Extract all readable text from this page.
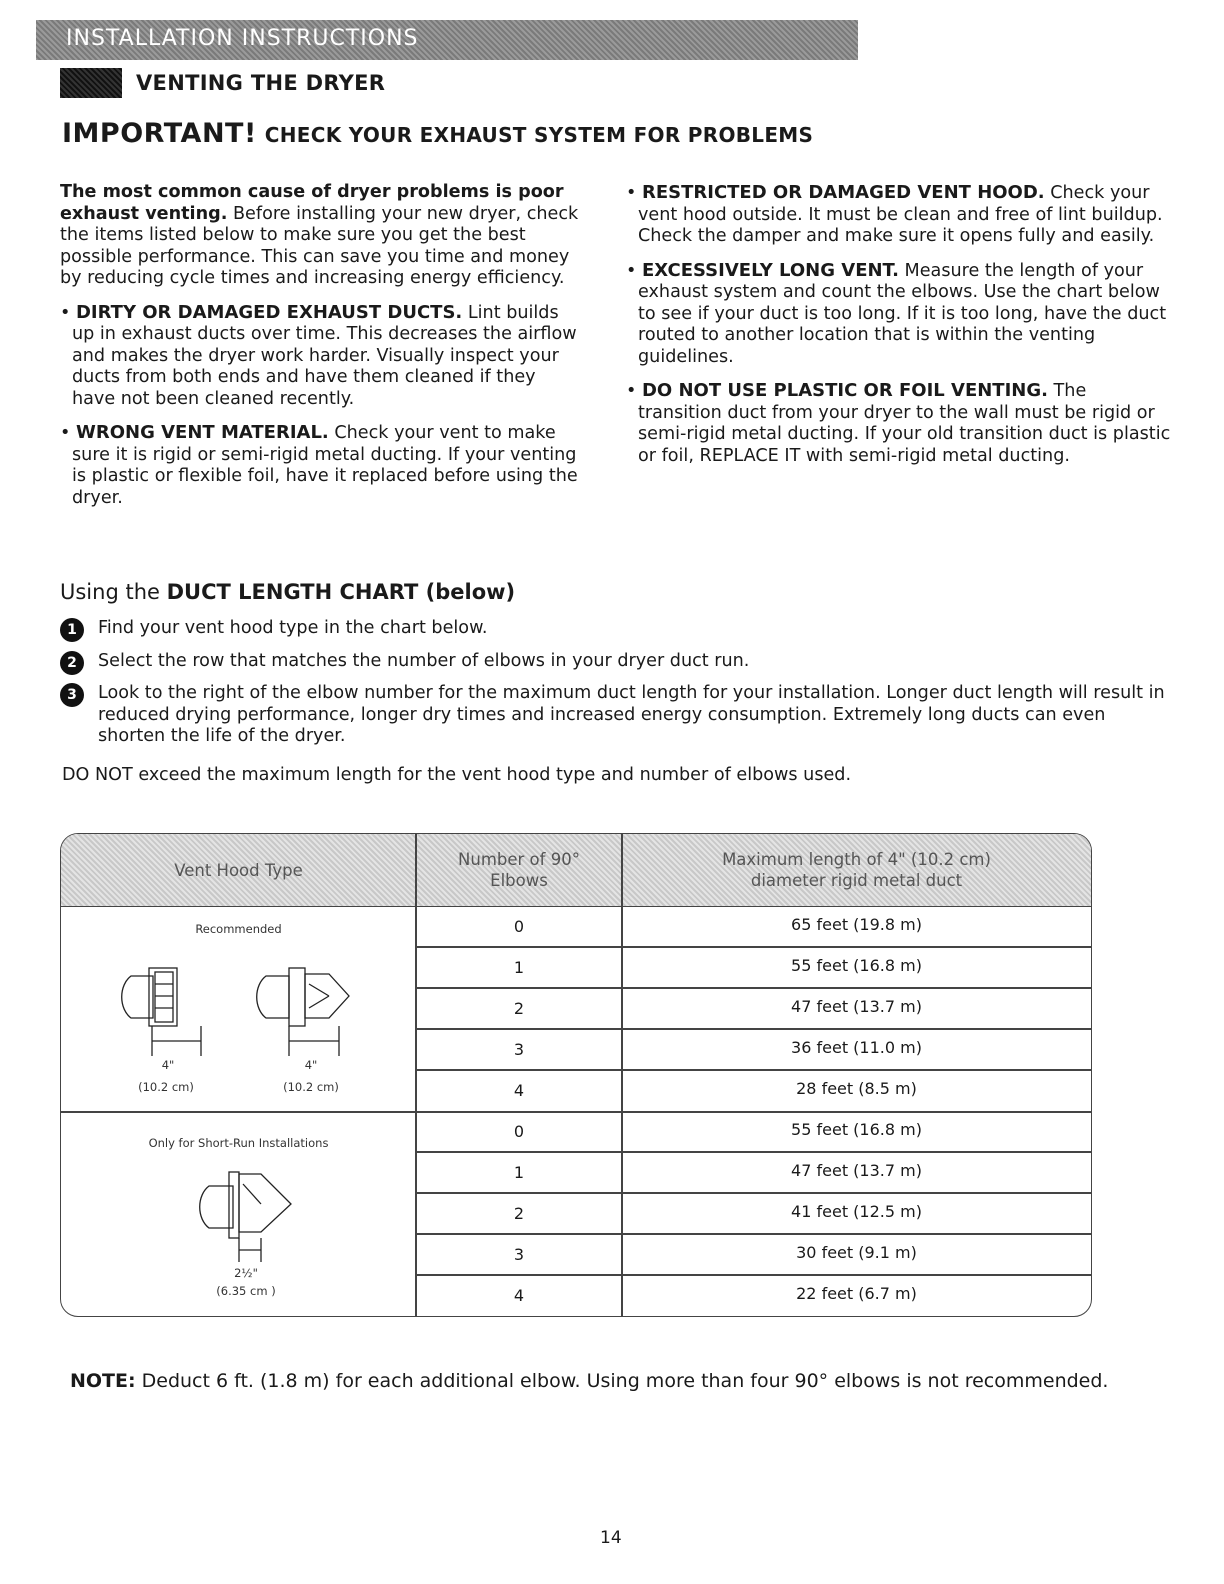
INSTALLATION INSTRUCTIONS
VENTING THE DRYER
IMPORTANT! CHECK YOUR EXHAUST SYSTEM FOR PROBLEMS

The most common cause of dryer problems is poor exhaust venting. Before installing your new dryer, check the items listed below to make sure you get the best possible performance. This can save you time and money by reducing cycle times and increasing energy efficiency.

• DIRTY OR DAMAGED EXHAUST DUCTS. Lint builds up in exhaust ducts over time. This decreases the airflow and makes the dryer work harder. Visually inspect your ducts from both ends and have them cleaned if they have not been cleaned recently.

• WRONG VENT MATERIAL. Check your vent to make sure it is rigid or semi-rigid metal ducting. If your venting is plastic or flexible foil, have it replaced before using the dryer.

• RESTRICTED OR DAMAGED VENT HOOD. Check your vent hood outside. It must be clean and free of lint buildup. Check the damper and make sure it opens fully and easily.

• EXCESSIVELY LONG VENT. Measure the length of your exhaust system and count the elbows. Use the chart below to see if your duct is too long. If it is too long, have the duct routed to another location that is within the venting guidelines.

• DO NOT USE PLASTIC OR FOIL VENTING. The transition duct from your dryer to the wall must be rigid or semi-rigid metal ducting. If your old transition duct is plastic or foil, REPLACE IT with semi-rigid metal ducting.

Using the DUCT LENGTH CHART (below)
1	Find your vent hood type in the chart below.
2	Select the row that matches the number of elbows in your dryer duct run.
3	Look to the right of the elbow number for the maximum duct length for your installation. Longer duct length will result in reduced drying performance, longer dry times and increased energy consumption. Extremely long ducts can even shorten the life of the dryer.
DO NOT exceed the maximum length for the vent hood type and number of elbows used.
Vent Hood Type
Number of 90°
Elbows
Maximum length of 4" (10.2 cm)
diameter rigid metal duct
Recommended
Only for Short-Run Installations
4"	4"
(10.2 cm)	(10.2 cm)
2½"
(6.35 cm )
0	65 feet (19.8 m)
1	55 feet (16.8 m)
2	47 feet (13.7 m)
3	36 feet (11.0 m)
4	28 feet (8.5 m)
0	55 feet (16.8 m)
1	47 feet (13.7 m)
2	41 feet (12.5 m)
3	30 feet (9.1 m)
4	22 feet (6.7 m)
NOTE: Deduct 6 ft. (1.8 m) for each additional elbow. Using more than four 90° elbows is not recommended.
14
